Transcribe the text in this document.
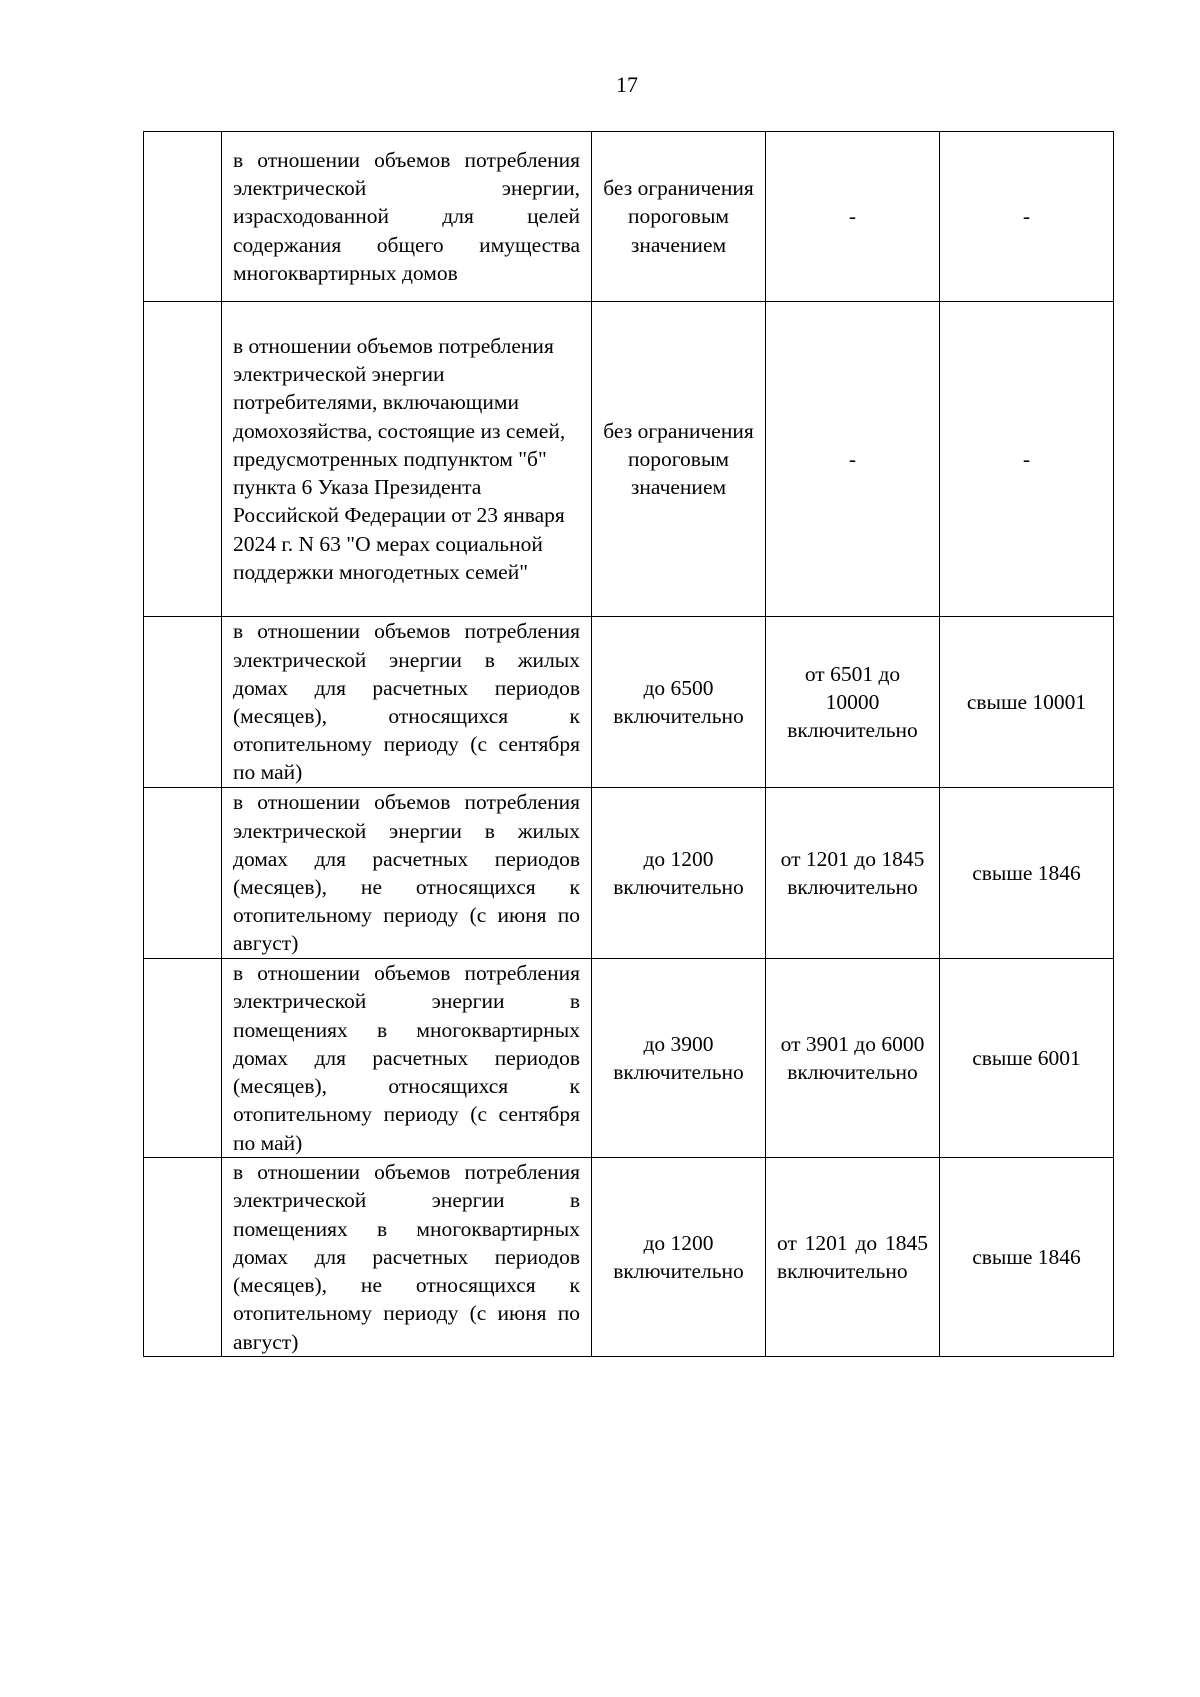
17

	в отношении объемов потребления электрической энергии, израсходованной для целей содержания общего имущества многоквартирных домов	без ограничения пороговым значением	-	-

	в отношении объемов потребления электрической энергии потребителями, включающими домохозяйства, состоящие из семей, предусмотренных подпунктом "б" пункта 6 Указа Президента Российской Федерации от 23 января 2024 г. N 63 "О мерах социальной поддержки многодетных семей"	без ограничения пороговым значением	-	-

	в отношении объемов потребления электрической энергии в жилых домах для расчетных периодов (месяцев), относящихся к отопительному периоду (с сентября по май)	до 6500 включительно	от 6501 до 10000 включительно	свыше 10001

	в отношении объемов потребления электрической энергии в жилых домах для расчетных периодов (месяцев), не относящихся к отопительному периоду (с июня по август)	до 1200 включительно	от 1201 до 1845 включительно	свыше 1846

	в отношении объемов потребления электрической энергии в помещениях в многоквартирных домах для расчетных периодов (месяцев), относящихся к отопительному периоду (с сентября по май)	до 3900 включительно	от 3901 до 6000 включительно	свыше 6001

	в отношении объемов потребления электрической энергии в помещениях в многоквартирных домах для расчетных периодов (месяцев), не относящихся к отопительному периоду (с июня по август)	до 1200 включительно	от 1201 до 1845 включительно	свыше 1846
